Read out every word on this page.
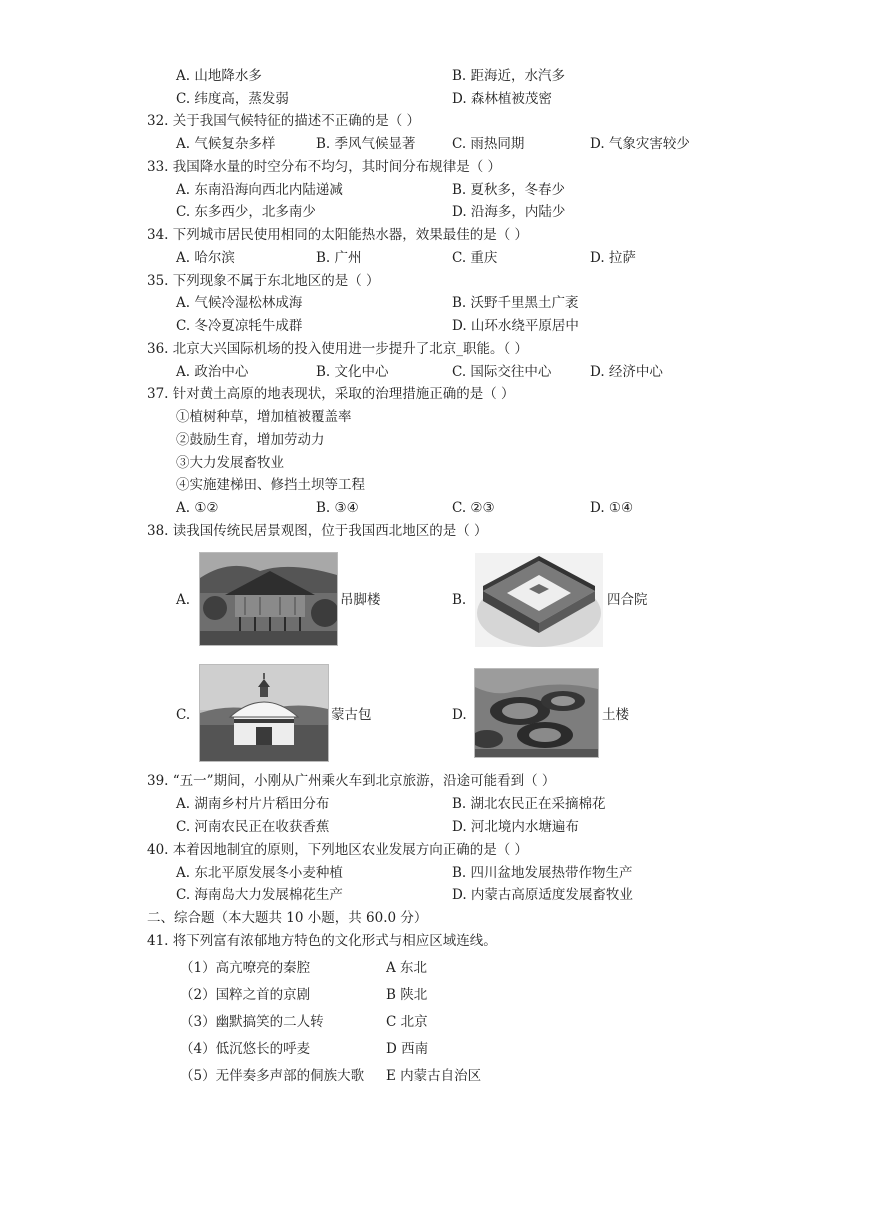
A. 山地降水多	B. 距海近，水汽多
C. 纬度高，蒸发弱	D. 森林植被茂密
32. 关于我国气候特征的描述不正确的是（ ）
A. 气候复杂多样	B. 季风气候显著	C. 雨热同期	D. 气象灾害较少
33. 我国降水量的时空分布不均匀，其时间分布规律是（ ）
A. 东南沿海向西北内陆递减	B. 夏秋多，冬春少
C. 东多西少，北多南少	D. 沿海多，内陆少
34. 下列城市居民使用相同的太阳能热水器，效果最佳的是（ ）
A. 哈尔滨	B. 广州	C. 重庆	D. 拉萨
35. 下列现象不属于东北地区的是（ ）
A. 气候冷湿松林成海	B. 沃野千里黑土广袤
C. 冬冷夏凉牦牛成群	D. 山环水绕平原居中
36. 北京大兴国际机场的投入使用进一步提升了北京_职能。（ ）
A. 政治中心	B. 文化中心	C. 国际交往中心	D. 经济中心
37. 针对黄土高原的地表现状，采取的治理措施正确的是（ ）
①植树种草，增加植被覆盖率
②鼓励生育，增加劳动力
③大力发展畜牧业
④实施建梯田、修挡土坝等工程
A. ①②	B. ③④	C. ②③	D. ①④
38. 读我国传统民居景观图，位于我国西北地区的是（ ）
A.	吊脚楼	B.	四合院
C.	蒙古包	D.	土楼
39. “五一”期间，小刚从广州乘火车到北京旅游，沿途可能看到（ ）
A. 湖南乡村片片稻田分布	B. 湖北农民正在采摘棉花
C. 河南农民正在收获香蕉	D. 河北境内水塘遍布
40. 本着因地制宜的原则，下列地区农业发展方向正确的是（ ）
A. 东北平原发展冬小麦种植	B. 四川盆地发展热带作物生产
C. 海南岛大力发展棉花生产	D. 内蒙古高原适度发展畜牧业
二、综合题（本大题共 10 小题，共 60.0 分）
41. 将下列富有浓郁地方特色的文化形式与相应区域连线。
（1）高亢嘹亮的秦腔	A 东北
（2）国粹之首的京剧	B 陕北
（3）幽默搞笑的二人转	C 北京
（4）低沉悠长的呼麦	D 西南
（5）无伴奏多声部的侗族大歌 E 内蒙古自治区
